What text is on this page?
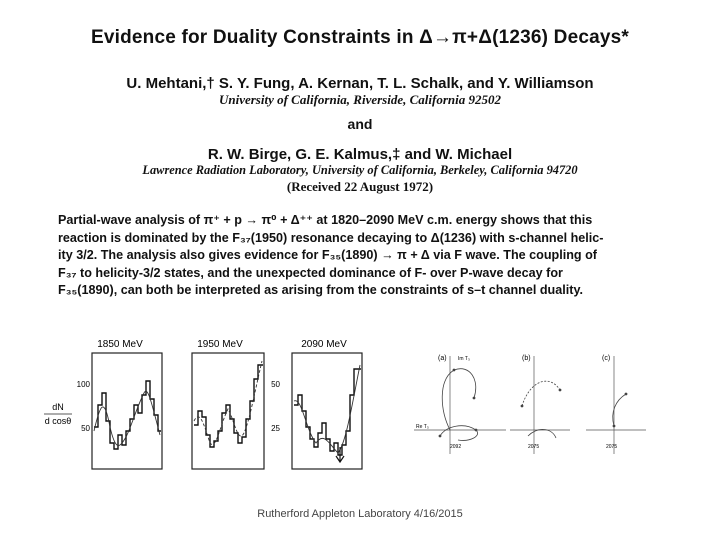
Evidence for Duality Constraints in Δ→π+Δ(1236) Decays*
U. Mehtani,† S. Y. Fung, A. Kernan, T. L. Schalk, and Y. Williamson
University of California, Riverside, California 92502
and
R. W. Birge, G. E. Kalmus,‡ and W. Michael
Lawrence Radiation Laboratory, University of California, Berkeley, California 94720
(Received 22 August 1972)
Partial-wave analysis of π⁺ + p → π⁰ + Δ⁺⁺ at 1820–2090 MeV c.m. energy shows that this
reaction is dominated by the F₃₇(1950) resonance decaying to Δ(1236) with s-channel helic-
ity 3/2. The analysis also gives evidence for F₃₅(1890) → π + Δ via F wave. The coupling of
F₃₇ to helicity-3/2 states, and the unexpected dominance of F- over P-wave decay for
F₃₅(1890), can both be interpreted as arising from the constraints of s–t channel duality.
dN
d cosθ
1850 MeV
100
50
1950 MeV	2090 MeV
50
25
(a) Im T₃
Re T₃
2092
(b)
2075
(c)
2075
Rutherford Appleton Laboratory 4/16/2015
